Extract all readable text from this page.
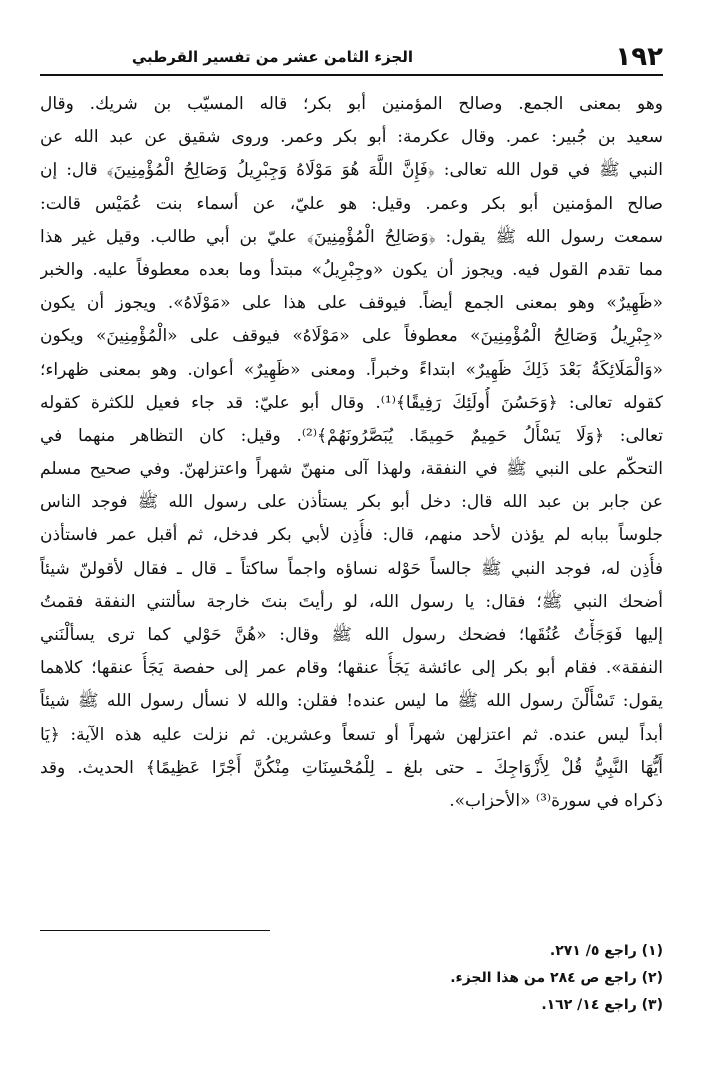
١٩٢
الجزء الثامن عشر من تفسير القرطبي
وهو بمعنى الجمع. وصالح المؤمنين أبو بكر؛ قاله المسيّب بن شريك. وقال
سعيد بن جُبير: عمر. وقال عكرمة: أبو بكر وعمر. وروى شقيق عن عبد الله عن
النبي ﷺ في قول الله تعالى: ﴿فَإِنَّ اللَّهَ هُوَ مَوْلَاهُ وَجِبْرِيلُ وَصَالِحُ الْمُؤْمِنِينَ﴾ قال: إن
صالح المؤمنين أبو بكر وعمر. وقيل: هو عليّ، عن أسماء بنت عُمَيْس قالت:
سمعت رسول الله ﷺ يقول: ﴿وَصَالِحُ الْمُؤْمِنِينَ﴾ عليّ بن أبي طالب. وقيل غير هذا
مما تقدم القول فيه. ويجوز أن يكون «وجِبْرِيلُ» مبتدأ وما بعده معطوفاً عليه. والخبر
«ظَهِيرٌ» وهو بمعنى الجمع أيضاً. فيوقف على هذا على «مَوْلَاهُ». ويجوز أن يكون
«جِبْرِيلُ وَصَالِحُ الْمُؤْمِنِينَ» معطوفاً على «مَوْلَاهُ» فيوقف على «الْمُؤْمِنِينَ» ويكون
«وَالْمَلَائِكَةُ بَعْدَ ذَلِكَ ظَهِيرٌ» ابتداءً وخبراً. ومعنى «ظَهِيرٌ» أعوان. وهو بمعنى ظهراء؛
كقوله تعالى: ﴿وَحَسُنَ أُولَئِكَ رَفِيقًا﴾⁽¹⁾. وقال أبو عليّ: قد جاء فعيل للكثرة كقوله
تعالى: ﴿وَلَا يَسْأَلُ حَمِيمٌ حَمِيمًا. يُبَصَّرُونَهُمْ﴾⁽²⁾. وقيل: كان التظاهر منهما في
التحكّم على النبي ﷺ في النفقة، ولهذا آلى منهنّ شهراً واعتزلهنّ. وفي صحيح مسلم
عن جابر بن عبد الله قال: دخل أبو بكر يستأذن على رسول الله ﷺ فوجد الناس
جلوساً ببابه لم يؤذن لأحد منهم، قال: فأُذِن لأبي بكر فدخل، ثم أقبل عمر فاستأذن
فأُذِن له، فوجد النبي ﷺ جالساً حَوْله نساؤه واجماً ساكتاً ـ قال ـ فقال لأقولنّ شيئاً
أضحك النبي ﷺ؛ فقال: يا رسول الله، لو رأيتَ بنتَ خارجة سألتني النفقة فقمتُ
إليها فَوَجَأْتُ عُنُقَها؛ فضحك رسول الله ﷺ وقال: «هُنَّ حَوْلي كما ترى يسألْنَني
النفقة». فقام أبو بكر إلى عائشة يَجَأُ عنقها؛ وقام عمر إلى حفصة يَجَأُ عنقها؛ كلاهما
يقول: تَسْأَلْنَ رسول الله ﷺ ما ليس عنده! فقلن: والله لا نسأل رسول الله ﷺ شيئاً
أبداً ليس عنده. ثم اعتزلهن شهراً أو تسعاً وعشرين. ثم نزلت عليه هذه الآية: ﴿يَا
أَيُّهَا النَّبِيُّ قُلْ لِأَزْوَاجِكَ ـ حتى بلغ ـ لِلْمُحْسِنَاتِ مِنْكُنَّ أَجْرًا عَظِيمًا﴾ الحديث. وقد
ذكراه في سورة⁽³⁾ «الأحزاب».
(١) راجع ٥/ ٢٧١.
(٢) راجع ص ٢٨٤ من هذا الجزء.
(٣) راجع ١٤/ ١٦٢.
